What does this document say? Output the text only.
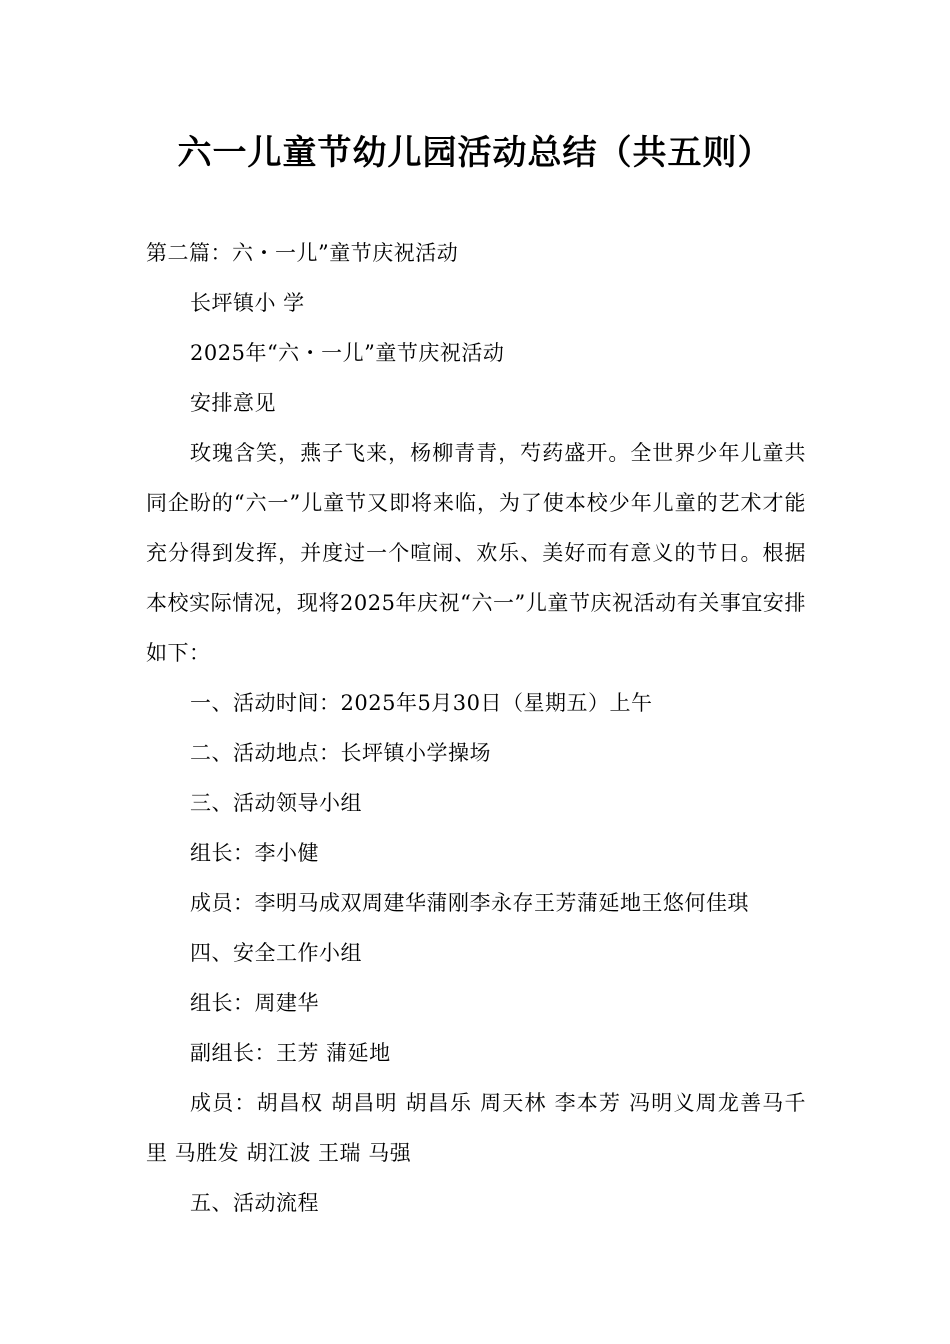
六一儿童节幼儿园活动总结（共五则）

第二篇：六・一儿”童节庆祝活动

长坪镇小 学

2025年“六・一儿”童节庆祝活动

安排意见

玫瑰含笑，燕子飞来，杨柳青青，芍药盛开。全世界少年儿童共同企盼的“六一”儿童节又即将来临，为了使本校少年儿童的艺术才能充分得到发挥，并度过一个喧闹、欢乐、美好而有意义的节日。根据本校实际情况，现将2025年庆祝“六一”儿童节庆祝活动有关事宜安排如下：

一、活动时间：2025年5月30日（星期五）上午

二、活动地点：长坪镇小学操场

三、活动领导小组

组长：李小健

成员：李明马成双周建华蒲刚李永存王芳蒲延地王悠何佳琪

四、安全工作小组

组长：周建华

副组长：王芳 蒲延地

成员：胡昌权 胡昌明 胡昌乐 周天林 李本芳 冯明义周龙善马千里 马胜发 胡江波 王瑞 马强

五、活动流程
